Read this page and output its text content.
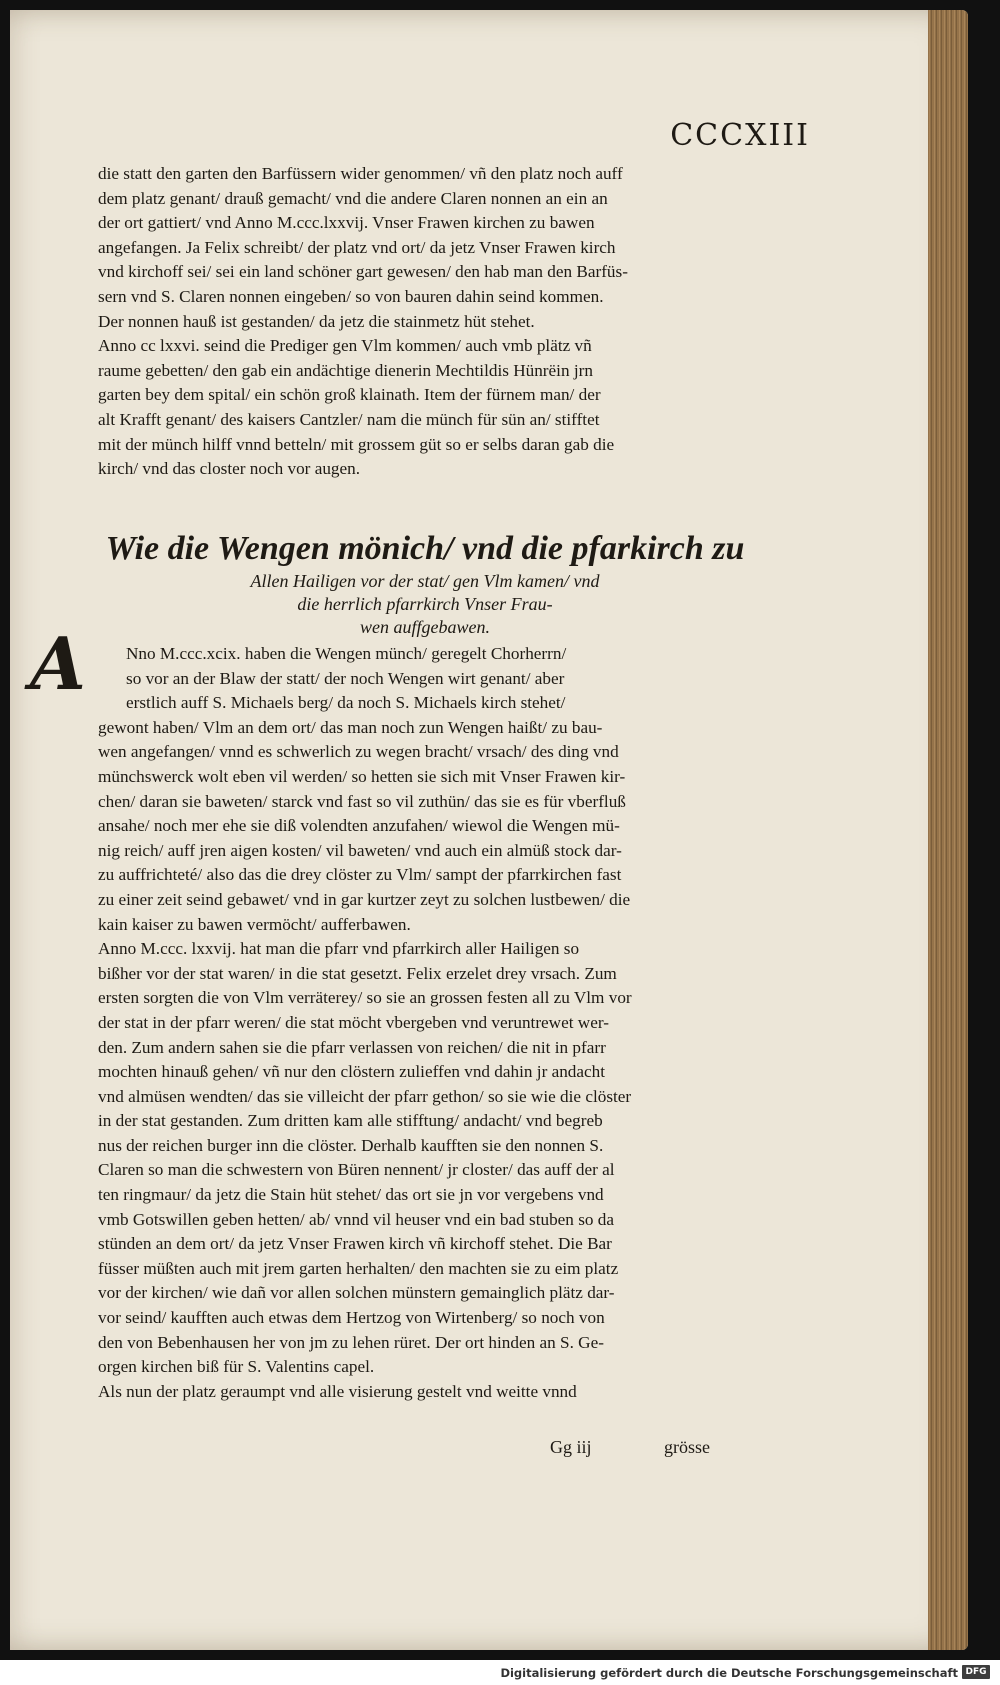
CCCXIII

die statt den garten den Barfüssern wider genommen/ vñ den platz noch auff

dem platz genant/ drauß gemacht/ vnd die andere Claren nonnen an ein an

der ort gattiert/ vnd Anno M.ccc.lxxvij. Vnser Frawen kirchen zu bawen

angefangen. Ja Felix schreibt/ der platz vnd ort/ da jetz Vnser Frawen kirch

vnd kirchoff sei/ sei ein land schöner gart gewesen/ den hab man den Barfüs-

sern vnd S. Claren nonnen eingeben/ so von bauren dahin seind kommen.

Der nonnen hauß ist gestanden/ da jetz die stainmetz hüt stehet.

Anno cc lxxvi. seind die Prediger gen Vlm kommen/ auch vmb plätz vñ

raume gebetten/ den gab ein andächtige dienerin Mechtildis Hünrëin jrn

garten bey dem spital/ ein schön groß klainath. Item der fürnem man/ der

alt Krafft genant/ des kaisers Cantzler/ nam die münch für sün an/ stifftet

mit der münch hilff vnnd betteln/ mit grossem güt so er selbs daran gab die

kirch/ vnd das closter noch vor augen.

Wie die Wengen mönich/ vnd die pfarkirch zu
Allen Hailigen vor der stat/ gen Vlm kamen/ vnd
die herrlich pfarrkirch Vnser Frau-
wen auffgebawen.
A	Nno M.ccc.xcix. haben die Wengen münch/ geregelt Chorherrn/

so vor an der Blaw der statt/ der noch Wengen wirt genant/ aber

erstlich auff S. Michaels berg/ da noch S. Michaels kirch stehet/

gewont haben/ Vlm an dem ort/ das man noch zun Wengen haißt/ zu bau-

wen angefangen/ vnnd es schwerlich zu wegen bracht/ vrsach/ des ding vnd

münchswerck wolt eben vil werden/ so hetten sie sich mit Vnser Frawen kir-

chen/ daran sie baweten/ starck vnd fast so vil zuthün/ das sie es für vberfluß

ansahe/ noch mer ehe sie diß volendten anzufahen/ wiewol die Wengen mü-

nig reich/ auff jren aigen kosten/ vil baweten/ vnd auch ein almüß stock dar-

zu auffrichteté/ also das die drey clöster zu Vlm/ sampt der pfarrkirchen fast

zu einer zeit seind gebawet/ vnd in gar kurtzer zeyt zu solchen lustbewen/ die

kain kaiser zu bawen vermöcht/ aufferbawen.

Anno M.ccc. lxxvij. hat man die pfarr vnd pfarrkirch aller Hailigen so

bißher vor der stat waren/ in die stat gesetzt. Felix erzelet drey vrsach. Zum

ersten sorgten die von Vlm verräterey/ so sie an grossen festen all zu Vlm vor

der stat in der pfarr weren/ die stat möcht vbergeben vnd veruntrewet wer-

den. Zum andern sahen sie die pfarr verlassen von reichen/ die nit in pfarr

mochten hinauß gehen/ vñ nur den clöstern zulieffen vnd dahin jr andacht

vnd almüsen wendten/ das sie villeicht der pfarr gethon/ so sie wie die clöster

in der stat gestanden. Zum dritten kam alle stifftung/ andacht/ vnd begreb

nus der reichen burger inn die clöster. Derhalb kaufften sie den nonnen S.

Claren so man die schwestern von Büren nennent/ jr closter/ das auff der al

ten ringmaur/ da jetz die Stain hüt stehet/ das ort sie jn vor vergebens vnd

vmb Gotswillen geben hetten/ ab/ vnnd vil heuser vnd ein bad stuben so da

stünden an dem ort/ da jetz Vnser Frawen kirch vñ kirchoff stehet. Die Bar

füsser müßten auch mit jrem garten herhalten/ den machten sie zu eim platz

vor der kirchen/ wie dañ vor allen solchen münstern gemainglich plätz dar-

vor seind/ kaufften auch etwas dem Hertzog von Wirtenberg/ so noch von

den von Bebenhausen her von jm zu lehen rüret. Der ort hinden an S. Ge-

orgen kirchen biß für S. Valentins capel.

Als nun der platz geraumpt vnd alle visierung gestelt vnd weitte vnnd

Gg iij	grösse
Digitalisierung gefördert durch die Deutsche Forschungsgemeinschaft DFG
